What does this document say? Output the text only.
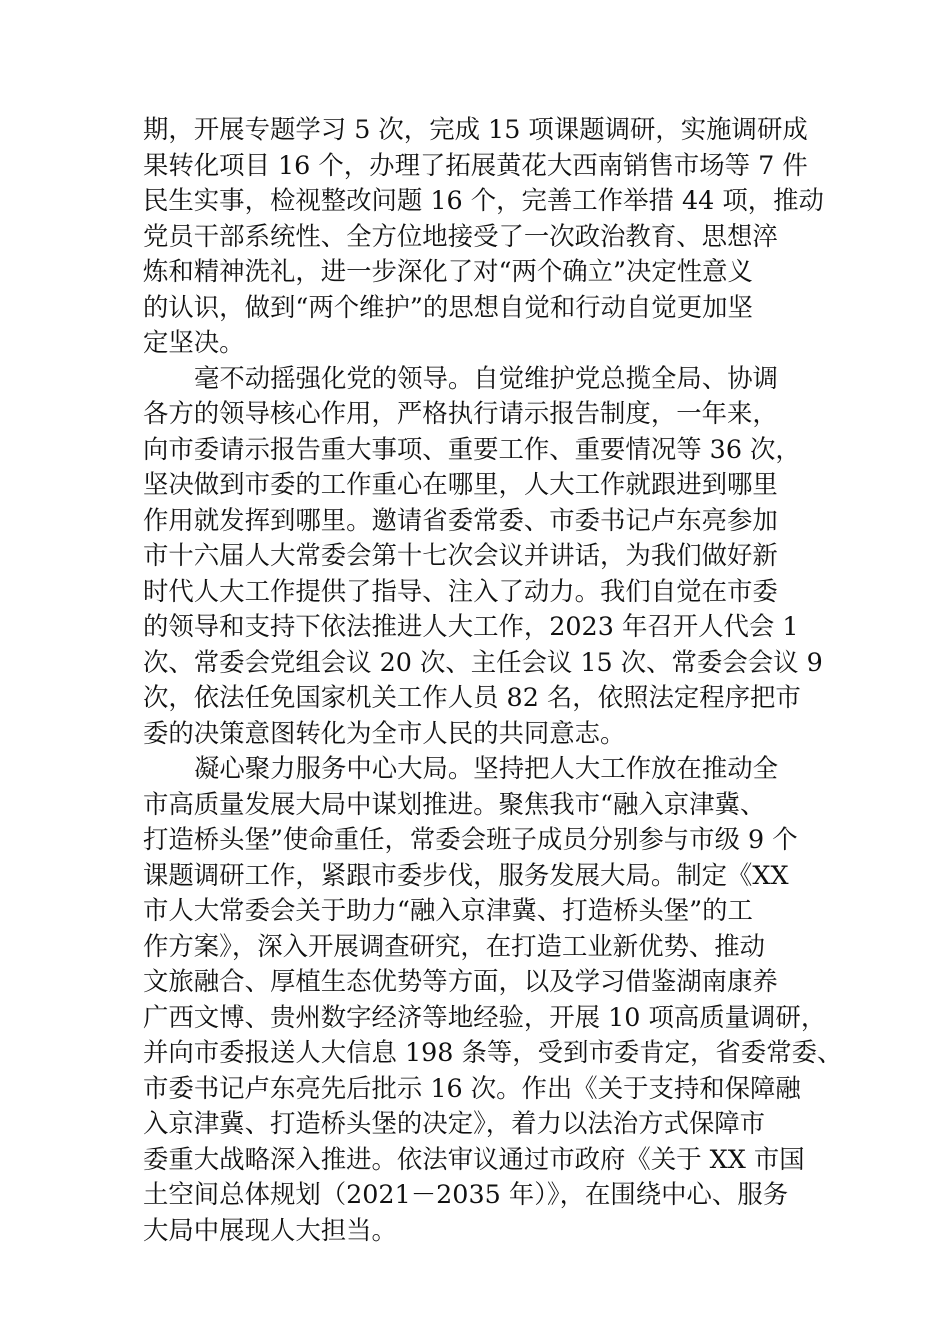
期，开展专题学习 5 次，完成 15 项课题调研，实施调研成
果转化项目 16 个，办理了拓展黄花大西南销售市场等 7 件
民生实事，检视整改问题 16 个，完善工作举措 44 项，推动
党员干部系统性、全方位地接受了一次政治教育、思想淬
炼和精神洗礼，进一步深化了对“两个确立”决定性意义
的认识，做到“两个维护”的思想自觉和行动自觉更加坚
定坚决。
毫不动摇强化党的领导。自觉维护党总揽全局、协调
各方的领导核心作用，严格执行请示报告制度，一年来，
向市委请示报告重大事项、重要工作、重要情况等 36 次，
坚决做到市委的工作重心在哪里，人大工作就跟进到哪里
作用就发挥到哪里。邀请省委常委、市委书记卢东亮参加
市十六届人大常委会第十七次会议并讲话，为我们做好新
时代人大工作提供了指导、注入了动力。我们自觉在市委
的领导和支持下依法推进人大工作，2023 年召开人代会 1
次、常委会党组会议 20 次、主任会议 15 次、常委会会议 9
次，依法任免国家机关工作人员 82 名，依照法定程序把市
委的决策意图转化为全市人民的共同意志。
凝心聚力服务中心大局。坚持把人大工作放在推动全
市高质量发展大局中谋划推进。聚焦我市“融入京津冀、
打造桥头堡”使命重任，常委会班子成员分别参与市级 9 个
课题调研工作，紧跟市委步伐，服务发展大局。制定《XX
市人大常委会关于助力“融入京津冀、打造桥头堡”的工
作方案》，深入开展调查研究，在打造工业新优势、推动
文旅融合、厚植生态优势等方面，以及学习借鉴湖南康养
广西文博、贵州数字经济等地经验，开展 10 项高质量调研，
并向市委报送人大信息 198 条等，受到市委肯定，省委常委、
市委书记卢东亮先后批示 16 次。作出《关于支持和保障融
入京津冀、打造桥头堡的决定》，着力以法治方式保障市
委重大战略深入推进。依法审议通过市政府《关于 XX 市国
土空间总体规划（2021－2035 年）》，在围绕中心、服务
大局中展现人大担当。
